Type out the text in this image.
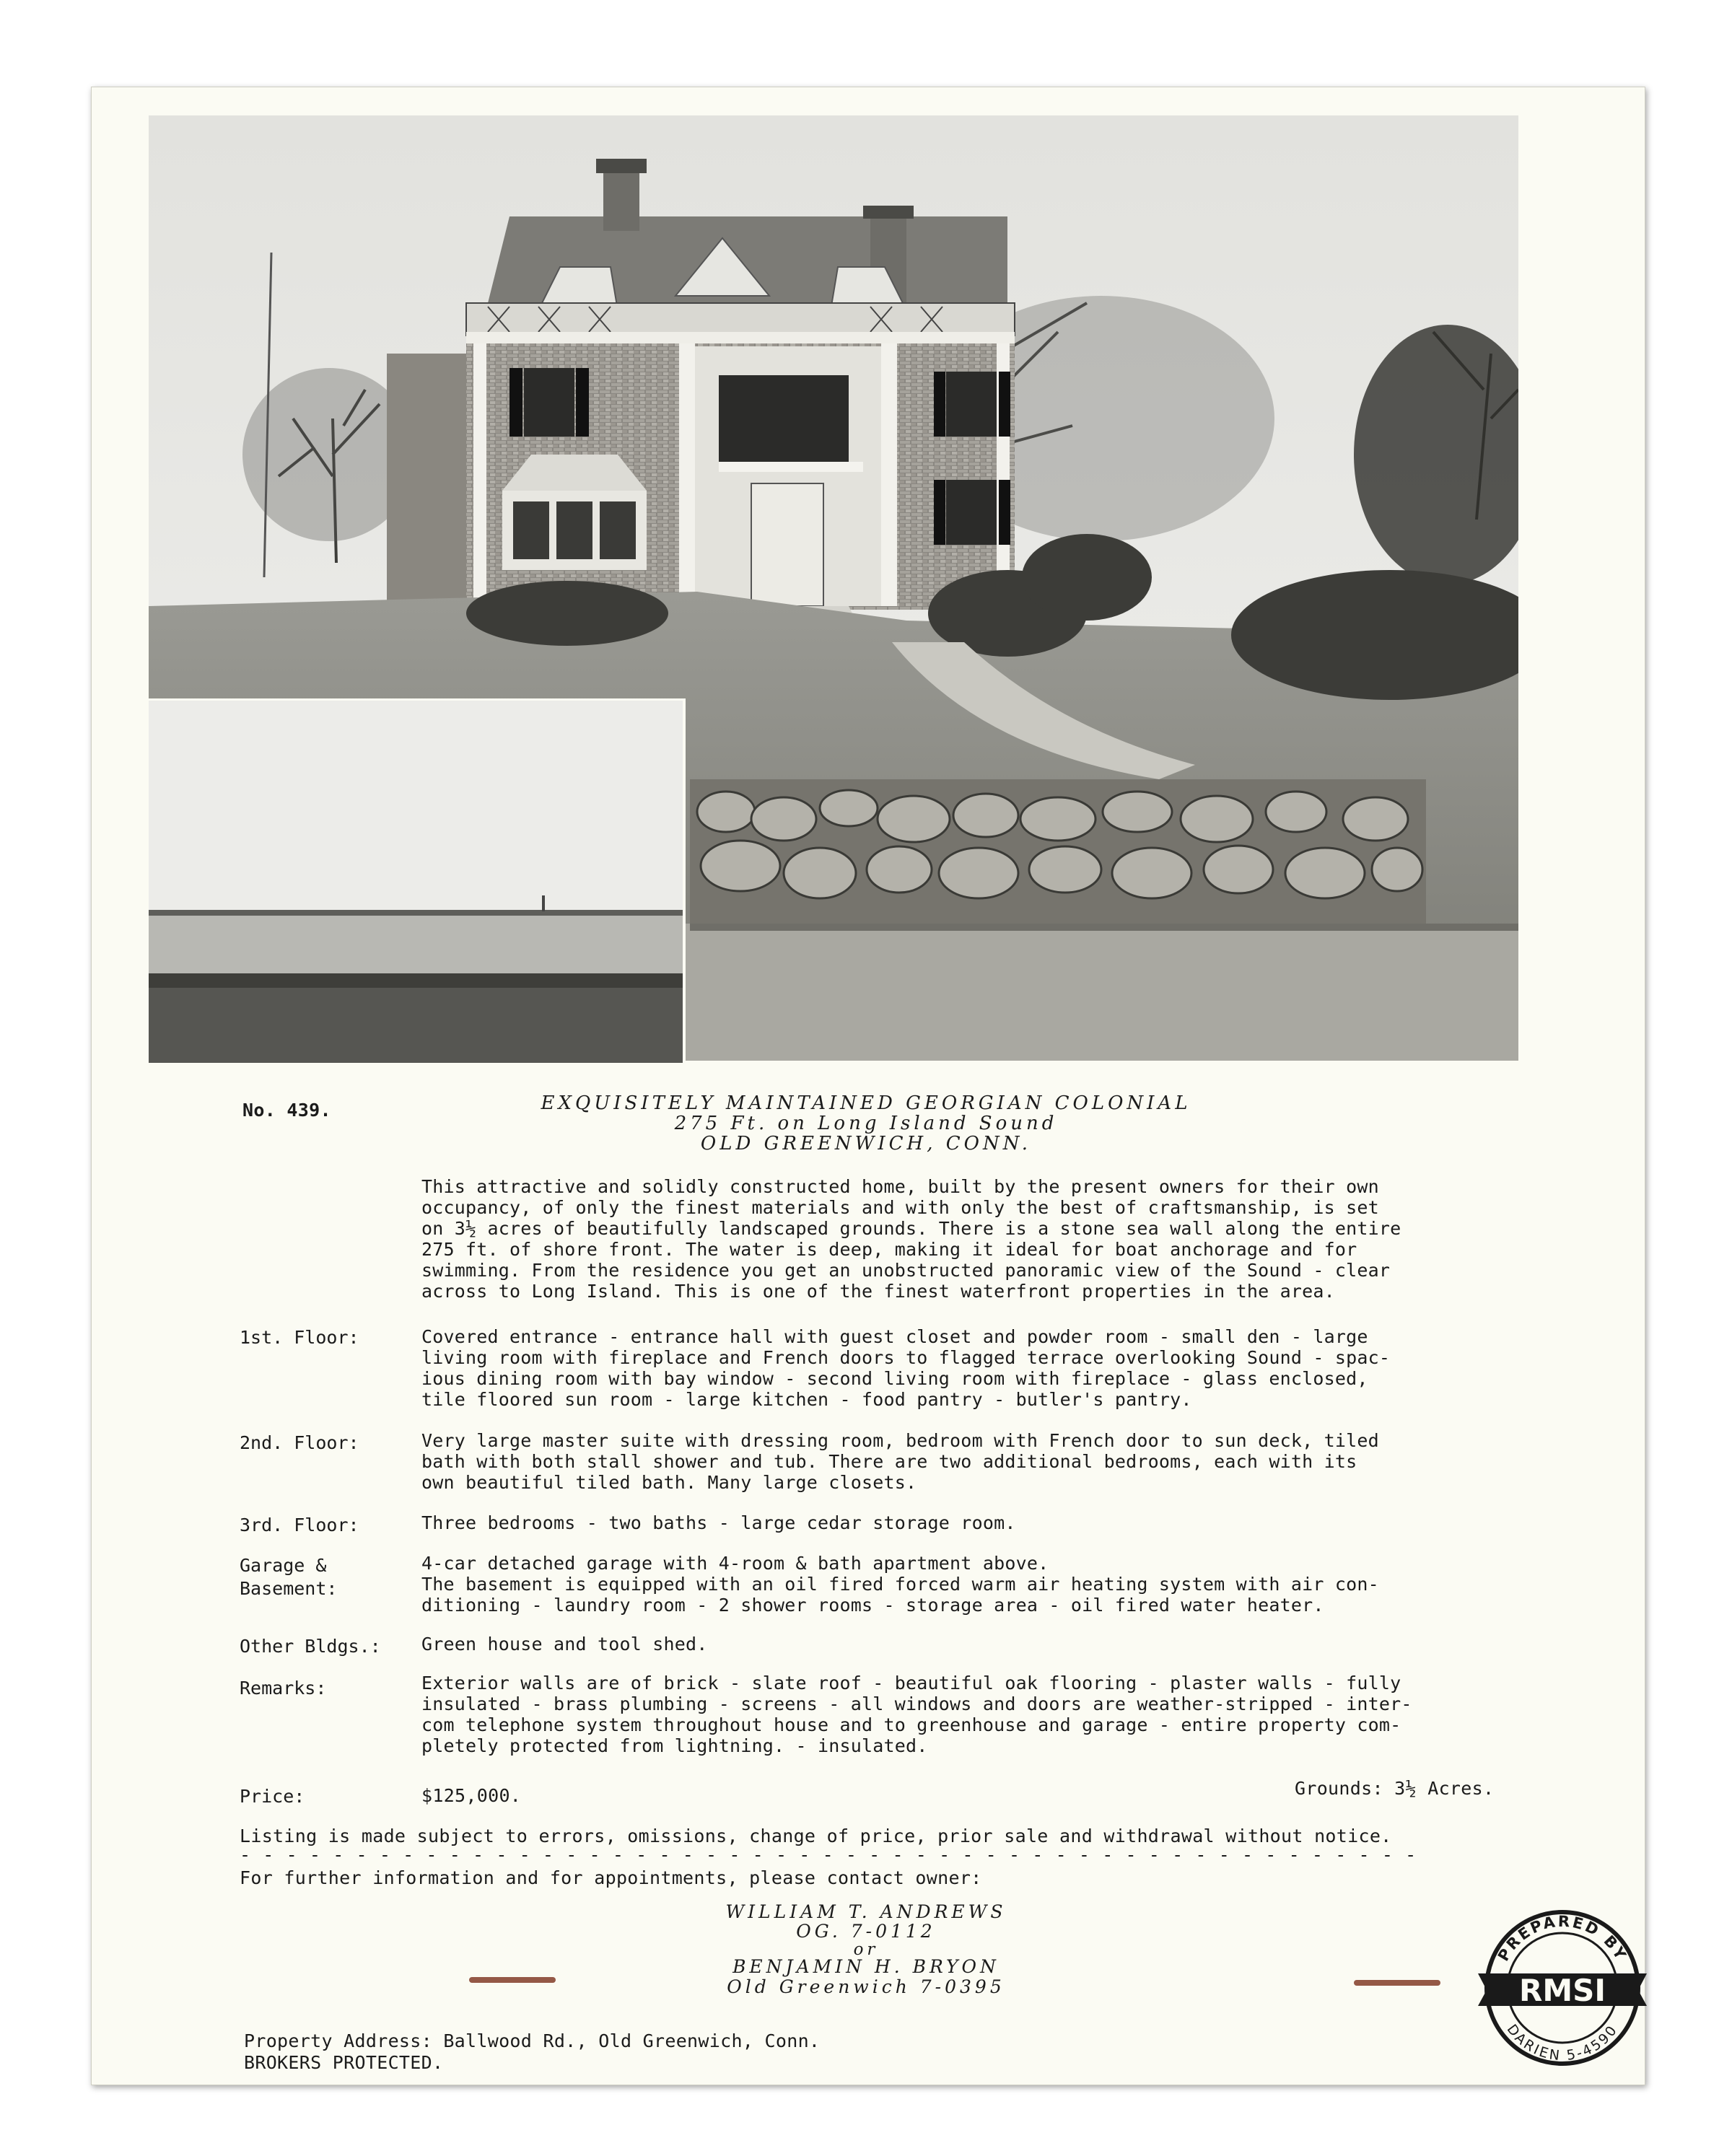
No. 439.	EXQUISITELY MAINTAINED GEORGIAN COLONIAL
275 Ft. on Long Island Sound
OLD GREENWICH, CONN.
This attractive and solidly constructed home, built by the present owners for their own
occupancy, of only the finest materials and with only the best of craftsmanship, is set
on 3½ acres of beautifully landscaped grounds. There is a stone sea wall along the entire
275 ft. of shore front. The water is deep, making it ideal for boat anchorage and for
swimming. From the residence you get an unobstructed panoramic view of the Sound - clear
across to Long Island. This is one of the finest waterfront properties in the area.
1st. Floor:	Covered entrance - entrance hall with guest closet and powder room - small den - large
living room with fireplace and French doors to flagged terrace overlooking Sound - spac-
ious dining room with bay window - second living room with fireplace - glass enclosed,
tile floored sun room - large kitchen - food pantry - butler's pantry.
2nd. Floor:	Very large master suite with dressing room, bedroom with French door to sun deck, tiled
bath with both stall shower and tub. There are two additional bedrooms, each with its
own beautiful tiled bath. Many large closets.
3rd. Floor:	Three bedrooms - two baths - large cedar storage room.
Garage &
Basement:
4-car detached garage with 4-room & bath apartment above.
The basement is equipped with an oil fired forced warm air heating system with air con-
ditioning - laundry room - 2 shower rooms - storage area - oil fired water heater.
Other Bldgs.: Green house and tool shed.
Remarks:	Exterior walls are of brick - slate roof - beautiful oak flooring - plaster walls - fully
insulated - brass plumbing - screens - all windows and doors are weather-stripped - inter-
com telephone system throughout house and to greenhouse and garage - entire property com-
pletely protected from lightning. - insulated.
Price:	$125,000.	Grounds: 3½ Acres.
Listing is made subject to errors, omissions, change of price, prior sale and withdrawal without notice.
- - - - - - - - - - - - - - - - - - - - - - - - - - - - - - - - - - - - - - - - - - - - - - - - - - -
For further information and for appointments, please contact owner:
WILLIAM T. ANDREWS
OG. 7-0112
or
BENJAMIN H. BRYON
Old Greenwich 7-0395
Property Address: Ballwood Rd., Old Greenwich, Conn.
BROKERS PROTECTED.
PREPARED BY
DARIEN 5-4590
RMSI
